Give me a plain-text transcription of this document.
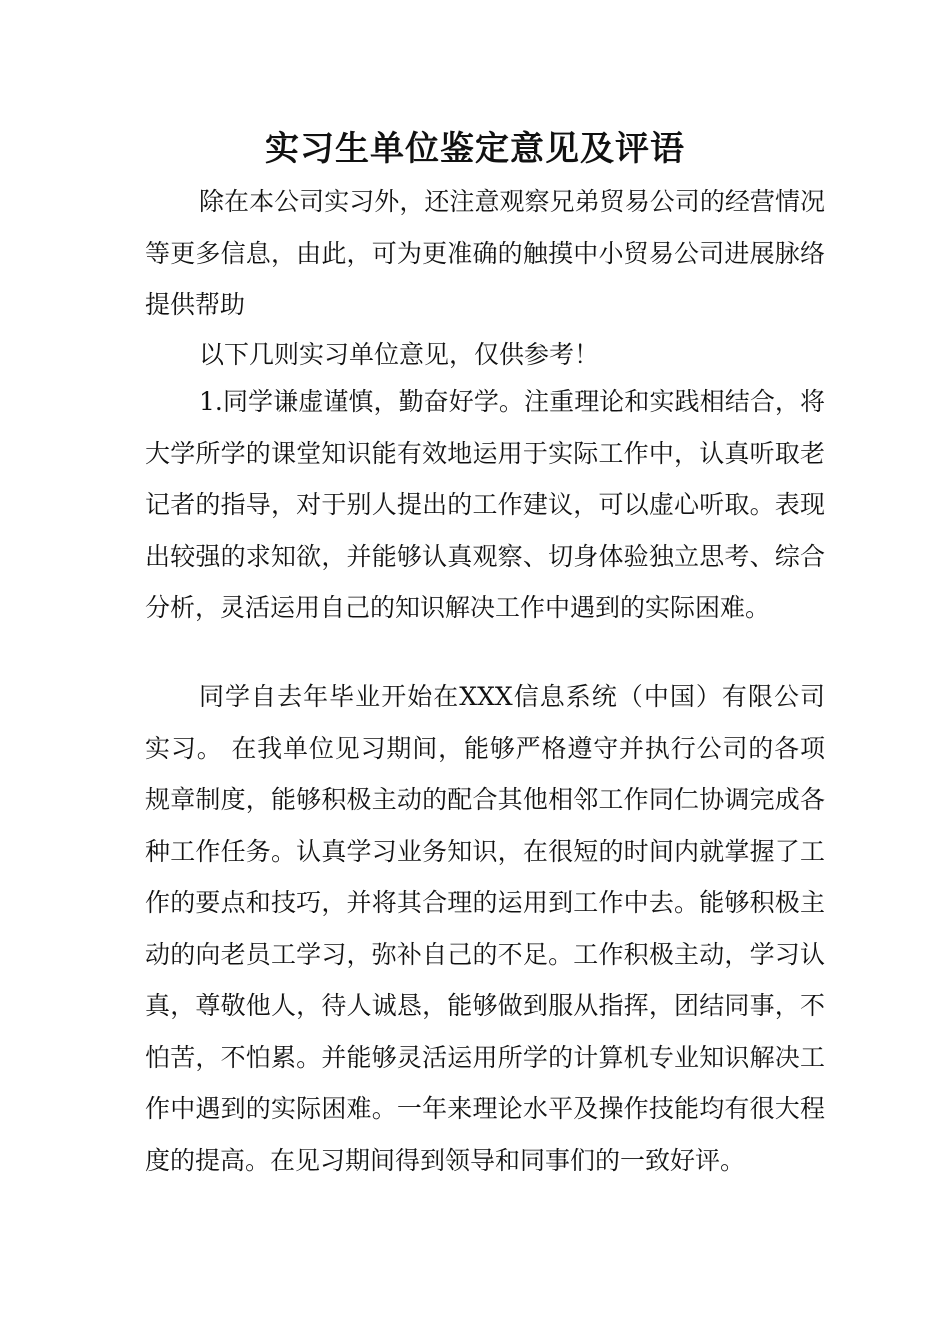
实习生单位鉴定意见及评语

除在本公司实习外，还注意观察兄弟贸易公司的经营情况等更多信息，由此，可为更准确的触摸中小贸易公司进展脉络提供帮助

以下几则实习单位意见，仅供参考！

1.同学谦虚谨慎，勤奋好学。注重理论和实践相结合，将大学所学的课堂知识能有效地运用于实际工作中，认真听取老记者的指导，对于别人提出的工作建议，可以虚心听取。表现出较强的求知欲，并能够认真观察、切身体验独立思考、综合分析，灵活运用自己的知识解决工作中遇到的实际困难。

同学自去年毕业开始在XXX信息系统（中国）有限公司实习。 在我单位见习期间，能够严格遵守并执行公司的各项规章制度，能够积极主动的配合其他相邻工作同仁协调完成各种工作任务。认真学习业务知识，在很短的时间内就掌握了工作的要点和技巧，并将其合理的运用到工作中去。能够积极主动的向老员工学习，弥补自己的不足。工作积极主动，学习认真，尊敬他人，待人诚恳，能够做到服从指挥，团结同事，不怕苦，不怕累。并能够灵活运用所学的计算机专业知识解决工作中遇到的实际困难。一年来理论水平及操作技能均有很大程度的提高。在见习期间得到领导和同事们的一致好评。
